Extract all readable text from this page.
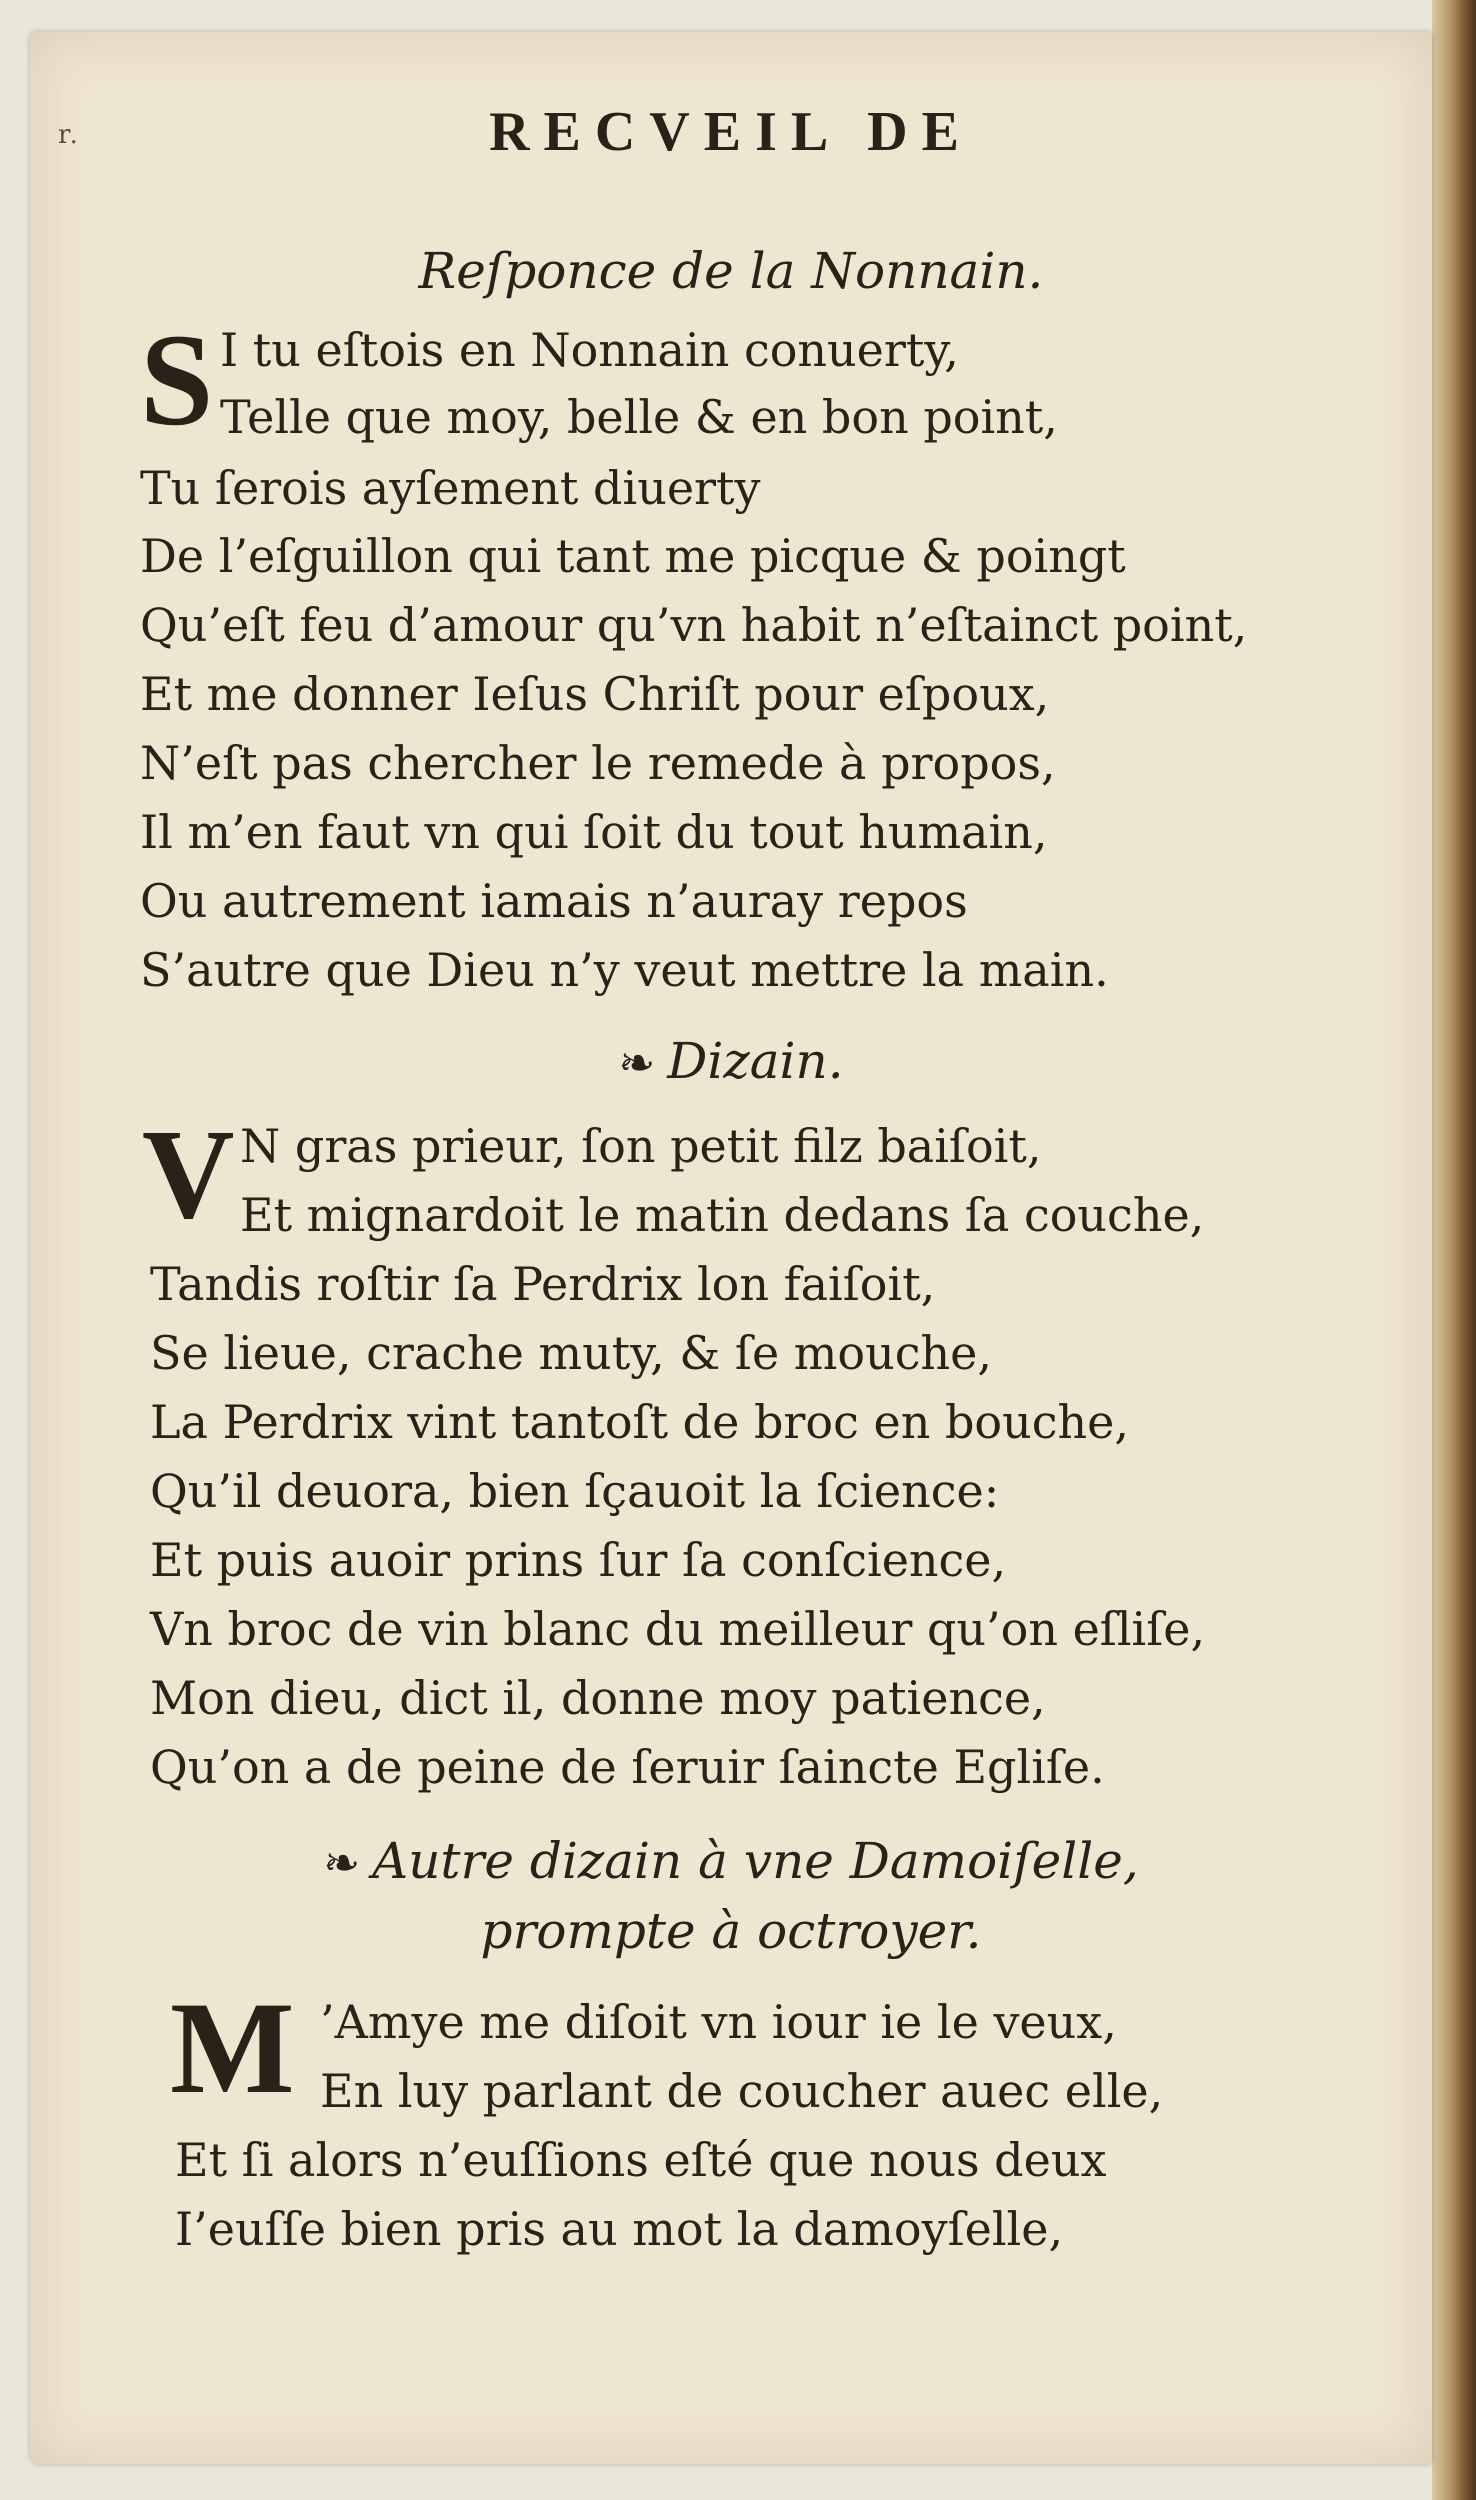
r.	RECVEIL DE
Reſponce de la Nonnain.
S I tu eſtois en Nonnain conuerty,
Telle que moy, belle & en bon point,
Tu ſerois ayſement diuerty
De l’eſguillon qui tant me picque & poingt
Qu’eſt feu d’amour qu’vn habit n’eſtainct point,
Et me donner Ieſus Chriſt pour eſpoux,
N’eſt pas chercher le remede à propos,
Il m’en faut vn qui ſoit du tout humain,
Ou autrement iamais n’auray repos
S’autre que Dieu n’y veut mettre la main.
❧ Dizain.
V N gras prieur, ſon petit filz baiſoit,
Et mignardoit le matin dedans ſa couche,
Tandis roſtir ſa Perdrix lon faiſoit,
Se lieue, crache muty, & ſe mouche,
La Perdrix vint tantoſt de broc en bouche,
Qu’il deuora, bien ſçauoit la ſcience:
Et puis auoir prins ſur ſa conſcience,
Vn broc de vin blanc du meilleur qu’on eſliſe,
Mon dieu, dict il, donne moy patience,
Qu’on a de peine de ſeruir ſaincte Egliſe.
❧ Autre dizain à vne Damoiſelle,
prompte à octroyer.
M ’Amye me diſoit vn iour ie le veux,
En luy parlant de coucher auec elle,
Et ſi alors n’euſſions eſté que nous deux
I’euſſe bien pris au mot la damoyſelle,
